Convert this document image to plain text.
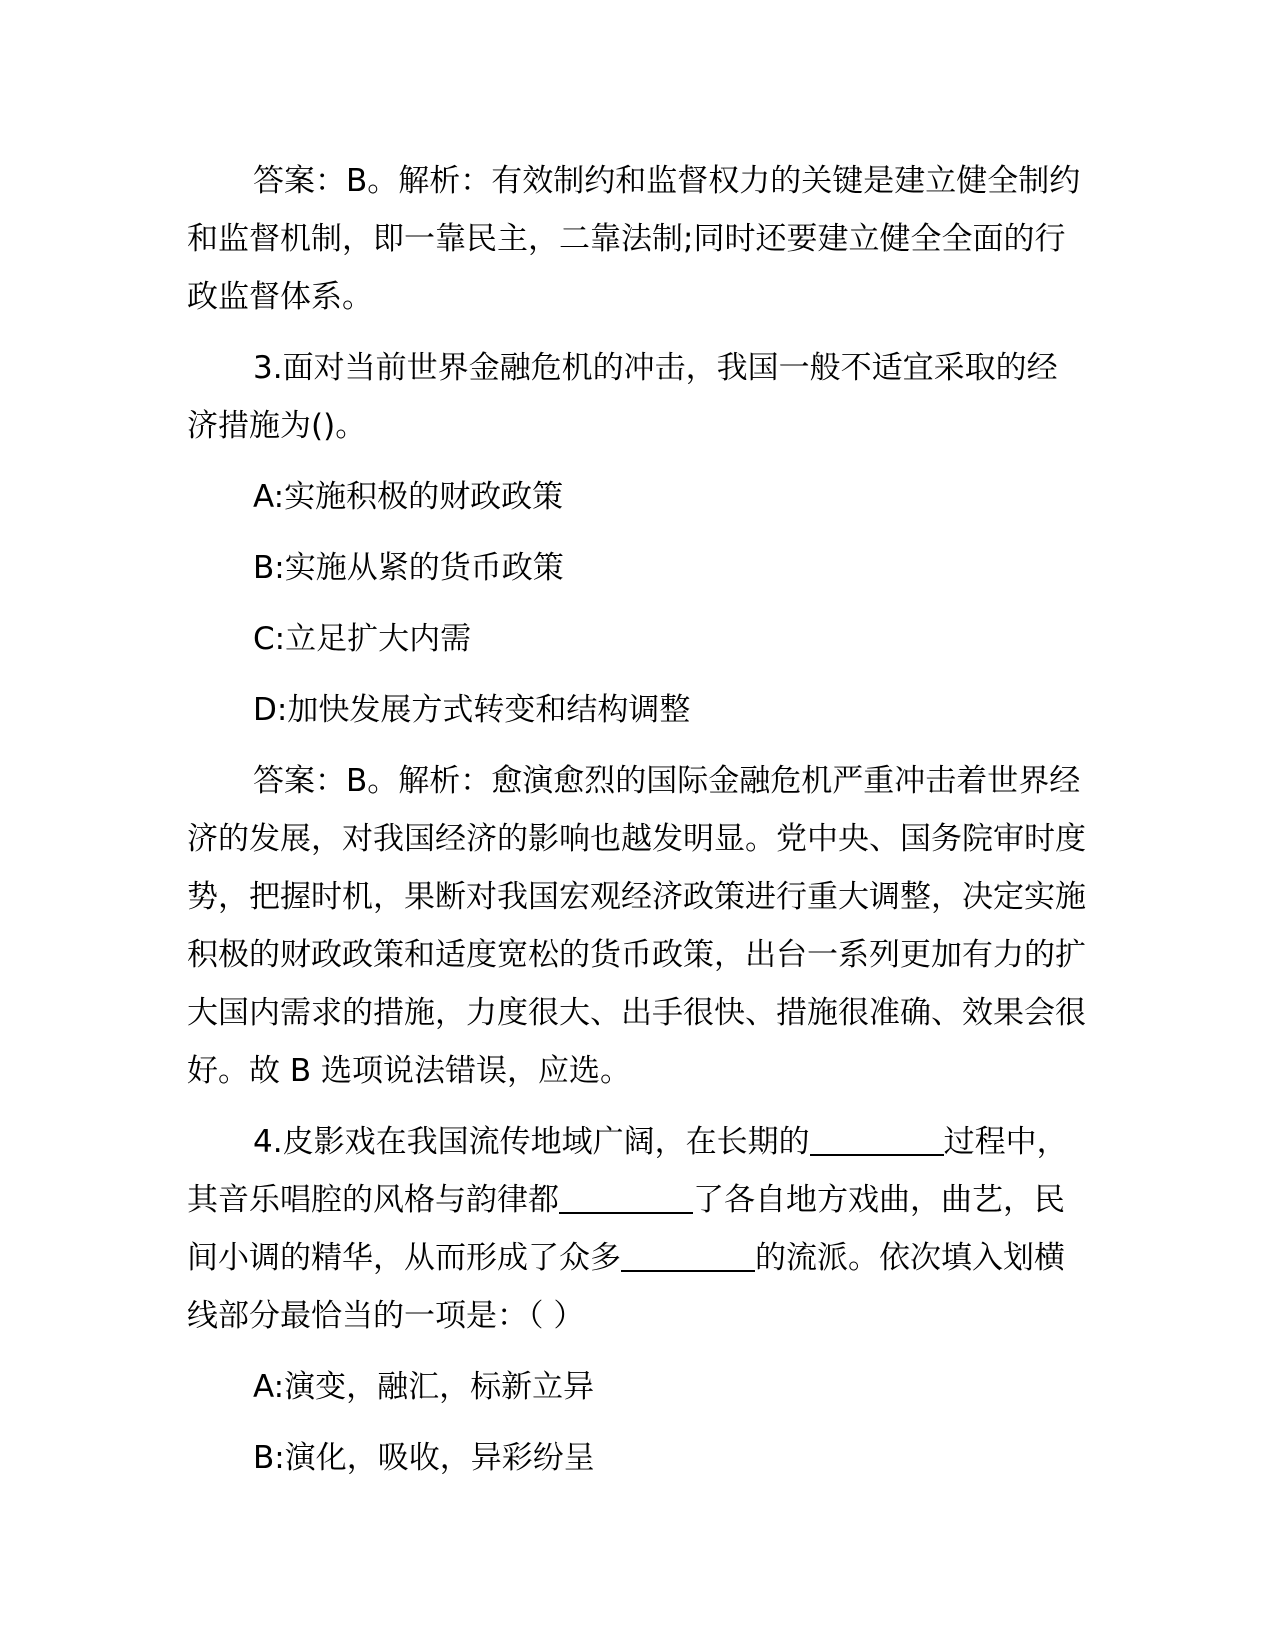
答案：B。解析：有效制约和监督权力的关键是建立健全制约和监督机制，即一靠民主，二靠法制;同时还要建立健全全面的行政监督体系。

3.面对当前世界金融危机的冲击，我国一般不适宜采取的经济措施为()。

A:实施积极的财政政策

B:实施从紧的货币政策

C:立足扩大内需

D:加快发展方式转变和结构调整

答案：B。解析：愈演愈烈的国际金融危机严重冲击着世界经济的发展，对我国经济的影响也越发明显。党中央、国务院审时度势，把握时机，果断对我国宏观经济政策进行重大调整，决定实施积极的财政政策和适度宽松的货币政策，出台一系列更加有力的扩大国内需求的措施，力度很大、出手很快、措施很准确、效果会很好。故 B 选项说法错误，应选。

4.皮影戏在我国流传地域广阔，在长期的	过程中，其音乐唱腔的风格与韵律都	了各自地方戏曲，曲艺，民间小调的精华，从而形成了众多	的流派。依次填入划横线部分最恰当的一项是：（ ）

A:演变，融汇，标新立异

B:演化，吸收，异彩纷呈
